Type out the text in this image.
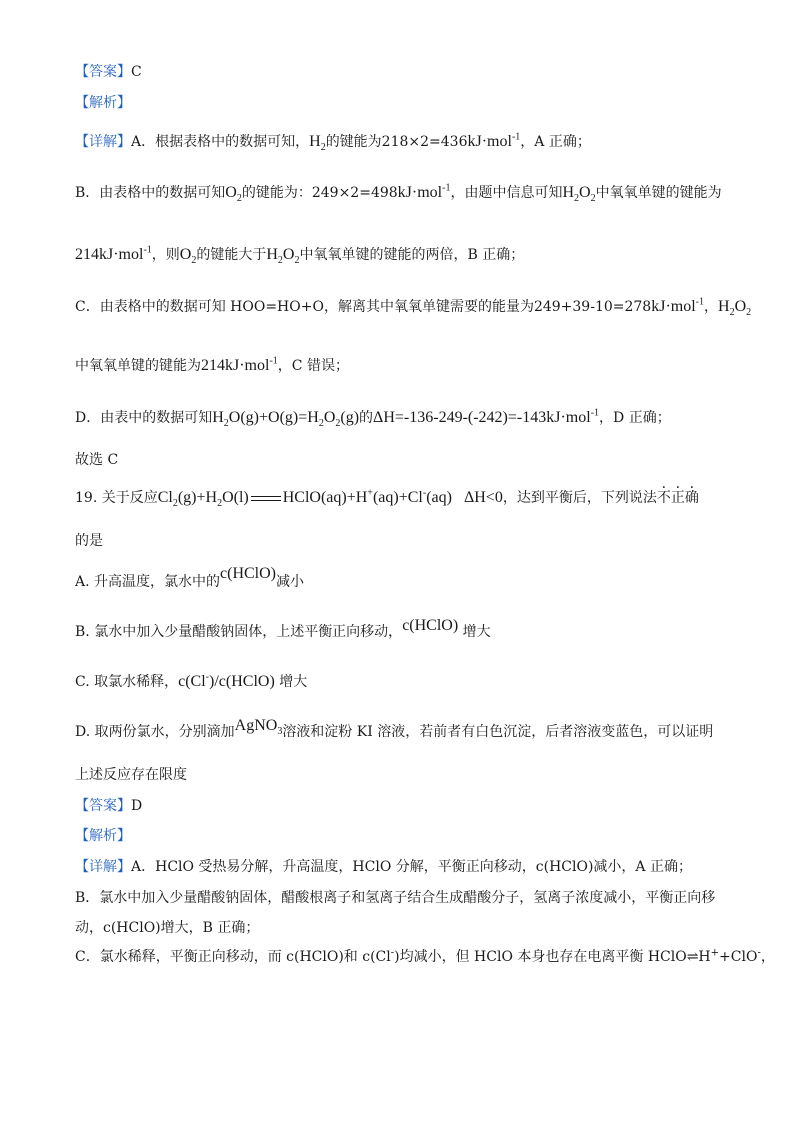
【答案】C
【解析】
【详解】A．根据表格中的数据可知，$H_2$的键能为218×2=436kJ·mol$^{-1}$，A 正确；
B．由表格中的数据可知$O_2$的键能为：249×2=498kJ·mol$^{-1}$，由题中信息可知$H_2O_2$中氧氧单键的键能为
214kJ·mol$^{-1}$，则$O_2$的键能大于$H_2O_2$中氧氧单键的键能的两倍，B 正确；
C．由表格中的数据可知 HOO=HO+O，解离其中氧氧单键需要的能量为249+39-10=278kJ·mol$^{-1}$，$H_2O_2$
中氧氧单键的键能为214kJ·mol$^{-1}$，C 错误；
D．由表中的数据可知$H_2O(g)+O(g)=H_2O_2(g)$的ΔH=-136-249-(-242)=-143kJ·mol$^{-1}$，D 正确；
故选 C
19. 关于反应$Cl_2(g)+H_2O(l)$ HClO(aq)+H+(aq)+Cl-(aq) ΔH<0，达到平衡后，下列说法不正确
的是
A. 升高温度，氯水中的c(HClO)减小
B. 氯水中加入少量醋酸钠固体，上述平衡正向移动，c(HClO) 增大
C. 取氯水稀释，c(Cl-)/c(HClO) 增大
D. 取两份氯水，分别滴加AgNO$_3$溶液和淀粉 KI 溶液，若前者有白色沉淀，后者溶液变蓝色，可以证明
上述反应存在限度
【答案】D
【解析】
【详解】A．HClO 受热易分解，升高温度，HClO 分解，平衡正向移动，c(HClO)减小，A 正确；
B．氯水中加入少量醋酸钠固体，醋酸根离子和氢离子结合生成醋酸分子，氢离子浓度减小，平衡正向移
动，c(HClO)增大，B 正确；
C．氯水稀释，平衡正向移动，而 c(HClO)和 c(Cl-)均减小，但 HClO 本身也存在电离平衡 HClO⇌H++ClO-，
